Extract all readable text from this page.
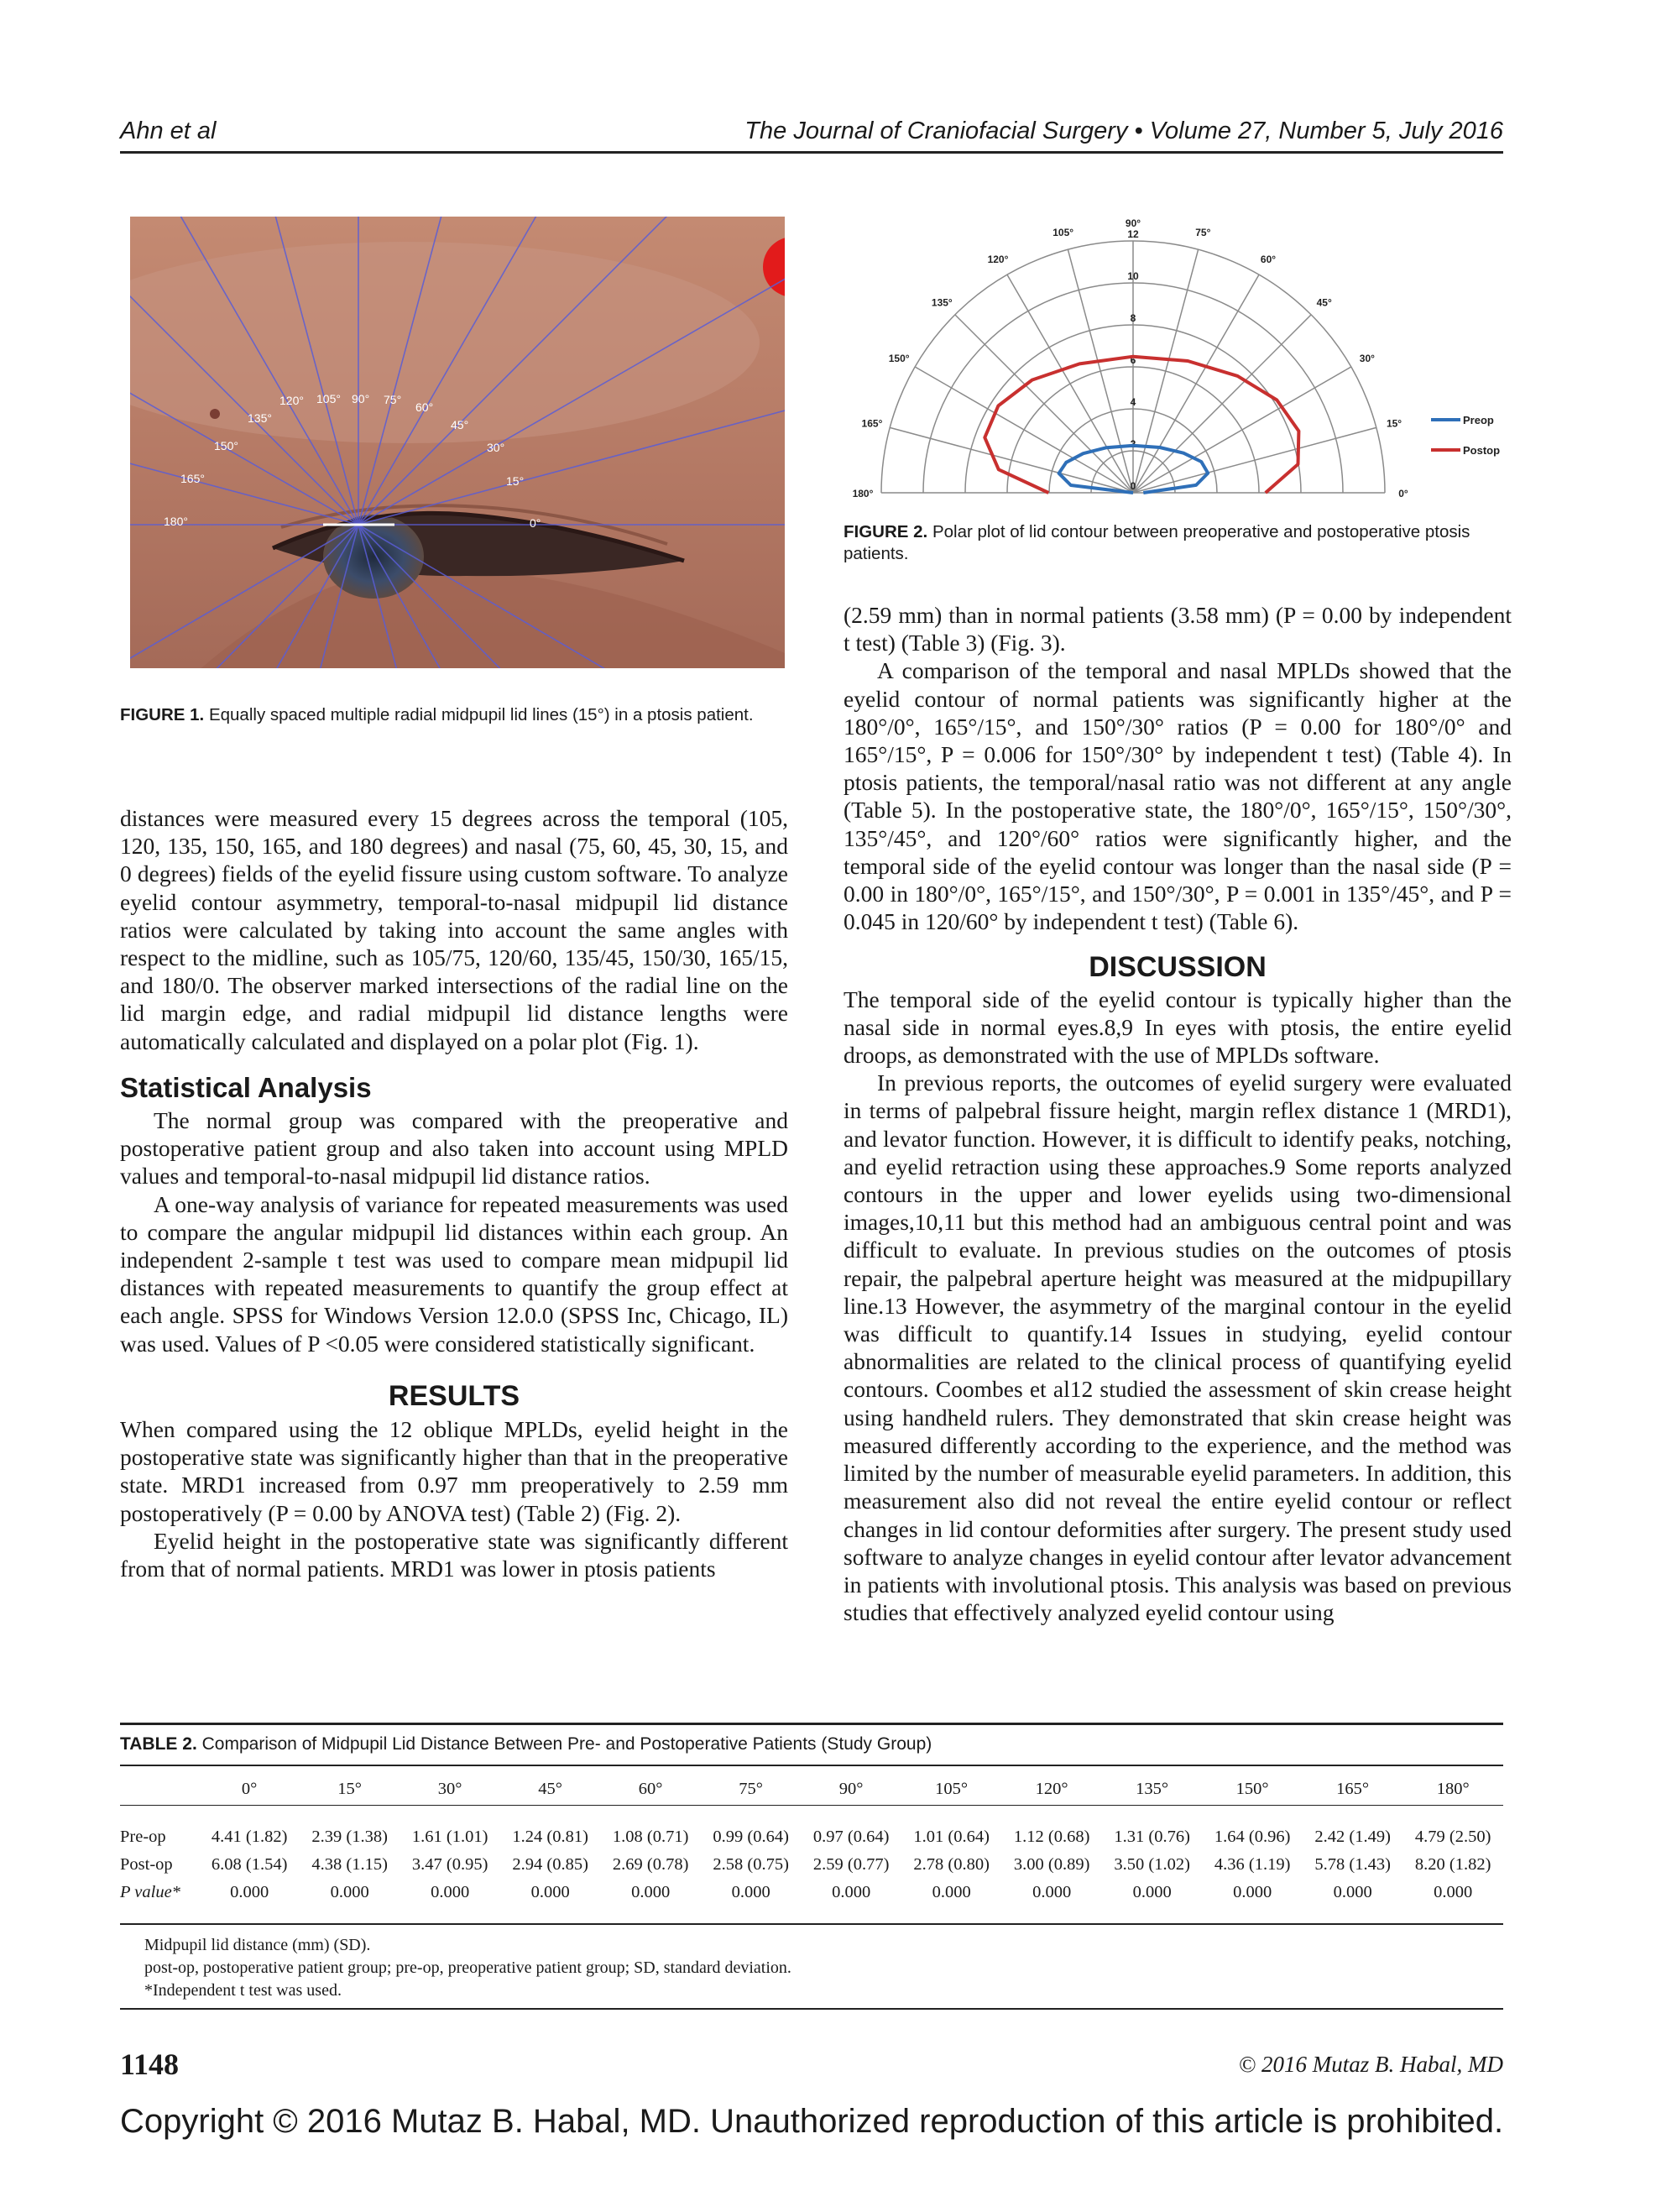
Ahn et al	The Journal of Craniofacial Surgery • Volume 27, Number 5, July 2016
180°
165°
150°
135°
120° 105° 90° 75°
60°
45°
30°
15°
0°
FIGURE 1. Equally spaced multiple radial midpupil lid lines (15°) in a ptosis patient.
0°
15°
30°
45°
60°
75°
90°
105°
120°
135°
150°
165°
180°
0
2
4
6
8
10
12
Preop
Postop
FIGURE 2. Polar plot of lid contour between preoperative and postoperative ptosis patients.

distances were measured every 15 degrees across the temporal (105, 120, 135, 150, 165, and 180 degrees) and nasal (75, 60, 45, 30, 15, and 0 degrees) fields of the eyelid fissure using custom software. To analyze eyelid contour asymmetry, temporal-to-nasal midpupil lid distance ratios were calculated by taking into account the same angles with respect to the midline, such as 105/75, 120/60, 135/45, 150/30, 165/15, and 180/0. The observer marked intersections of the radial line on the lid margin edge, and radial midpupil lid distance lengths were automatically calculated and displayed on a polar plot (Fig. 1).

Statistical Analysis

The normal group was compared with the preoperative and postoperative patient group and also taken into account using MPLD values and temporal-to-nasal midpupil lid distance ratios.

A one-way analysis of variance for repeated measurements was used to compare the angular midpupil lid distances within each group. An independent 2-sample t test was used to compare mean midpupil lid distances with repeated measurements to quantify the group effect at each angle. SPSS for Windows Version 12.0.0 (SPSS Inc, Chicago, IL) was used. Values of P <0.05 were considered statistically significant.

RESULTS

When compared using the 12 oblique MPLDs, eyelid height in the postoperative state was significantly higher than that in the preoperative state. MRD1 increased from 0.97 mm preoperatively to 2.59 mm postoperatively (P = 0.00 by ANOVA test) (Table 2) (Fig. 2).

Eyelid height in the postoperative state was significantly different from that of normal patients. MRD1 was lower in ptosis patients

(2.59 mm) than in normal patients (3.58 mm) (P = 0.00 by independent t test) (Table 3) (Fig. 3).

A comparison of the temporal and nasal MPLDs showed that the eyelid contour of normal patients was significantly higher at the 180°/0°, 165°/15°, and 150°/30° ratios (P = 0.00 for 180°/0° and 165°/15°, P = 0.006 for 150°/30° by independent t test) (Table 4). In ptosis patients, the temporal/nasal ratio was not different at any angle (Table 5). In the postoperative state, the 180°/0°, 165°/15°, 150°/30°, 135°/45°, and 120°/60° ratios were significantly higher, and the temporal side of the eyelid contour was longer than the nasal side (P = 0.00 in 180°/0°, 165°/15°, and 150°/30°, P = 0.001 in 135°/45°, and P = 0.045 in 120/60° by independent t test) (Table 6).

DISCUSSION

The temporal side of the eyelid contour is typically higher than the nasal side in normal eyes.8,9 In eyes with ptosis, the entire eyelid droops, as demonstrated with the use of MPLDs software.

In previous reports, the outcomes of eyelid surgery were evaluated in terms of palpebral fissure height, margin reflex distance 1 (MRD1), and levator function. However, it is difficult to identify peaks, notching, and eyelid retraction using these approaches.9 Some reports analyzed contours in the upper and lower eyelids using two-dimensional images,10,11 but this method had an ambiguous central point and was difficult to evaluate. In previous studies on the outcomes of ptosis repair, the palpebral aperture height was measured at the midpupillary line.13 However, the asymmetry of the marginal contour in the eyelid was difficult to quantify.14 Issues in studying, eyelid contour abnormalities are related to the clinical process of quantifying eyelid contours. Coombes et al12 studied the assessment of skin crease height using handheld rulers. They demonstrated that skin crease height was measured differently according to the experience, and the method was limited by the number of measurable eyelid parameters. In addition, this measurement also did not reveal the entire eyelid contour or reflect changes in lid contour deformities after surgery. The present study used software to analyze changes in eyelid contour after levator advancement in patients with involutional ptosis. This analysis was based on previous studies that effectively analyzed eyelid contour using

TABLE 2. Comparison of Midpupil Lid Distance Between Pre- and Postoperative Patients (Study Group)
	0°	15°	30°	45°	60°	75°	90°	105°	120°	135°	150°	165°	180°

Pre-op	4.41 (1.82)	2.39 (1.38)	1.61 (1.01)	1.24 (0.81)	1.08 (0.71)	0.99 (0.64)	0.97 (0.64)	1.01 (0.64)	1.12 (0.68)	1.31 (0.76)	1.64 (0.96)	2.42 (1.49)	4.79 (2.50)
Post-op	6.08 (1.54)	4.38 (1.15)	3.47 (0.95)	2.94 (0.85)	2.69 (0.78)	2.58 (0.75)	2.59 (0.77)	2.78 (0.80)	3.00 (0.89)	3.50 (1.02)	4.36 (1.19)	5.78 (1.43)	8.20 (1.82)
P value*	0.000	0.000	0.000	0.000	0.000	0.000	0.000	0.000	0.000	0.000	0.000	0.000	0.000
Midpupil lid distance (mm) (SD).
post-op, postoperative patient group; pre-op, preoperative patient group; SD, standard deviation.
*Independent t test was used.
1148	© 2016 Mutaz B. Habal, MD
Copyright © 2016 Mutaz B. Habal, MD. Unauthorized reproduction of this article is prohibited.
